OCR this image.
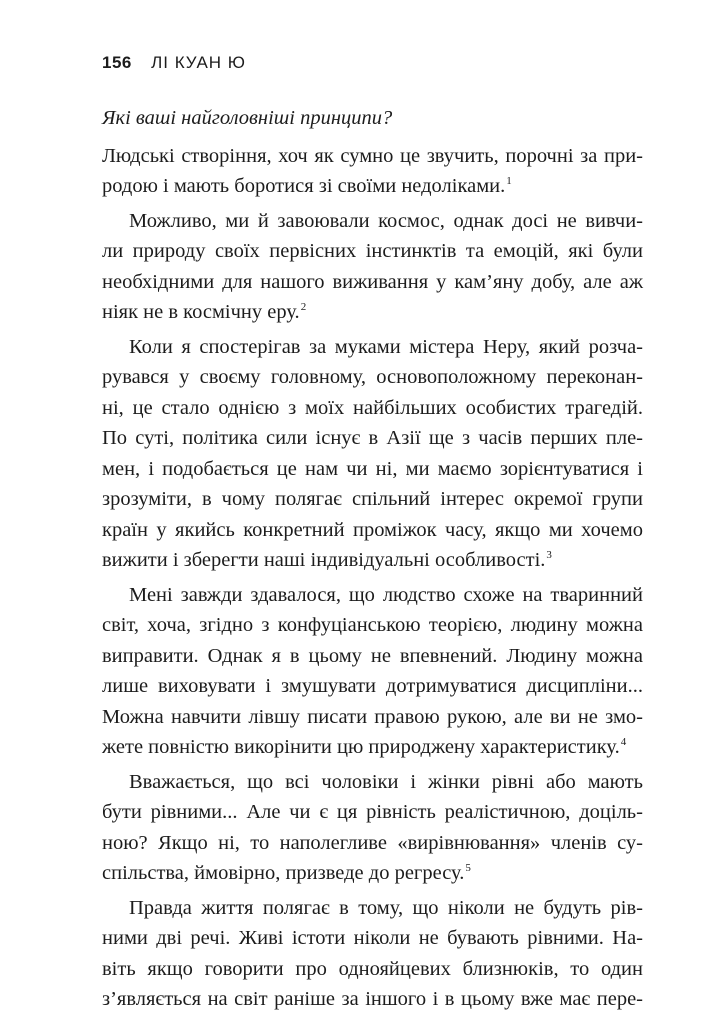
156 ЛІ КУАН Ю

Які ваші найголовніші принципи?

Людські створіння, хоч як сумно це звучить, порочні за при-
родою і мають боротися зі своїми недоліками.$^1$

Можливо, ми й завоювали космос, однак досі не вивчи-
ли природу своїх первісних інстинктів та емоцій, які були
необхідними для нашого виживання у кам’яну добу, але аж
ніяк не в космічну еру.$^2$

Коли я спостерігав за муками містера Неру, який розча-
рувався у своєму головному, основоположному переконан-
ні, це стало однією з моїх найбільших особистих трагедій.
По суті, політика сили існує в Азії ще з часів перших пле-
мен, і подобається це нам чи ні, ми маємо зорієнтуватися і
зрозуміти, в чому полягає спільний інтерес окремої групи
країн у якийсь конкретний проміжок часу, якщо ми хочемо
вижити і зберегти наші індивідуальні особливості.$^3$

Мені завжди здавалося, що людство схоже на тваринний
світ, хоча, згідно з конфуціанською теорією, людину можна
виправити. Однак я в цьому не впевнений. Людину можна
лише виховувати і змушувати дотримуватися дисципліни...
Можна навчити лівшу писати правою рукою, але ви не змо-
жете повністю викорінити цю природжену характеристику.$^4$

Вважається, що всі чоловіки і жінки рівні або мають
бути рівними... Але чи є ця рівність реалістичною, доціль-
ною? Якщо ні, то наполегливе «вирівнювання» членів су-
спільства, ймовірно, призведе до регресу.$^5$

Правда життя полягає в тому, що ніколи не будуть рів-
ними дві речі. Живі істоти ніколи не бувають рівними. На-
віть якщо говорити про однояйцевих близнюків, то один
з’являється на світ раніше за іншого і в цьому вже має пере-
